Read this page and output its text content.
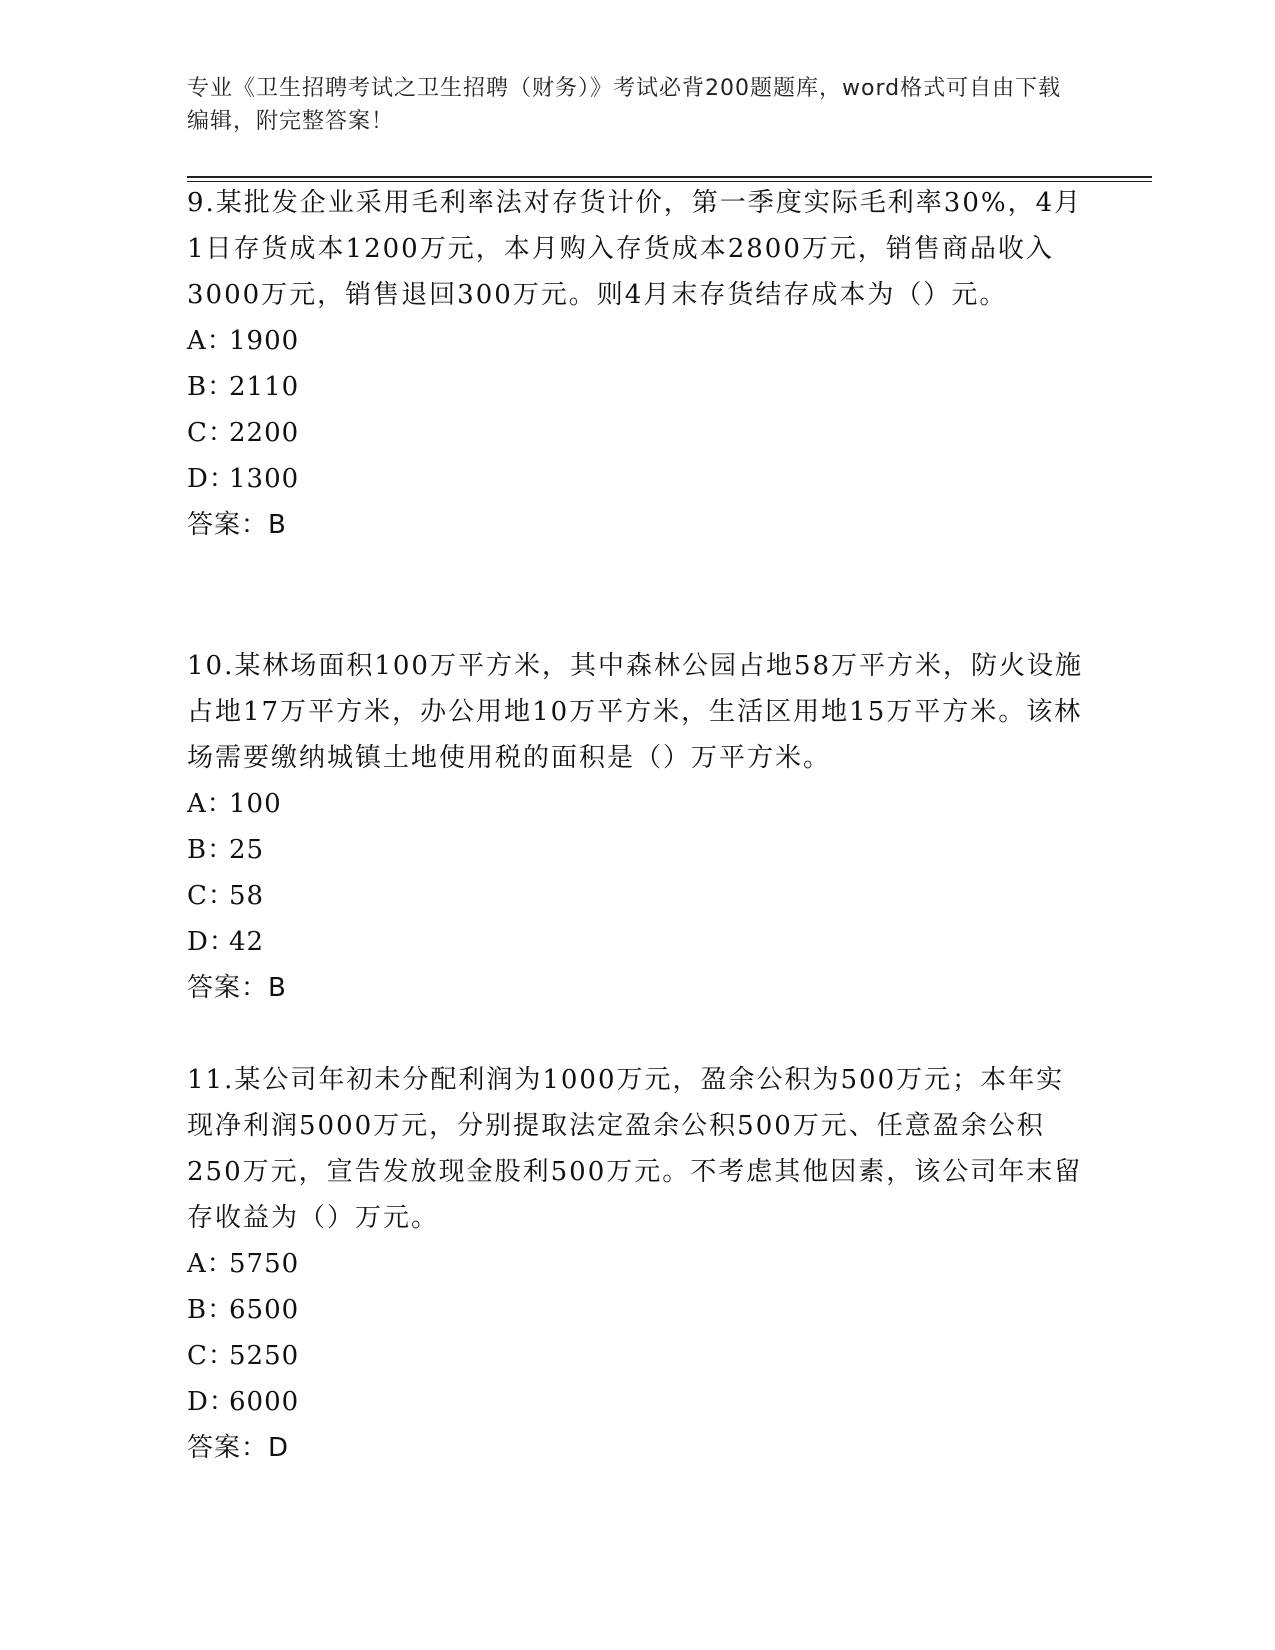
专业《卫生招聘考试之卫生招聘（财务）》考试必背200题题库，word格式可自由下载编辑，附完整答案！

9.某批发企业采用毛利率法对存货计价，第一季度实际毛利率30%，4月1日存货成本1200万元，本月购入存货成本2800万元，销售商品收入3000万元，销售退回300万元。则4月末存货结存成本为（）元。

A：1900
B：2110
C：2200
D：1300
答案：B

10.某林场面积100万平方米，其中森林公园占地58万平方米，防火设施占地17万平方米，办公用地10万平方米，生活区用地15万平方米。该林场需要缴纳城镇土地使用税的面积是（）万平方米。

A：100
B：25
C：58
D：42
答案：B

11.某公司年初未分配利润为1000万元，盈余公积为500万元；本年实现净利润5000万元，分别提取法定盈余公积500万元、任意盈余公积250万元，宣告发放现金股利500万元。不考虑其他因素，该公司年末留存收益为（）万元。

A：5750
B：6500
C：5250
D：6000
答案：D
